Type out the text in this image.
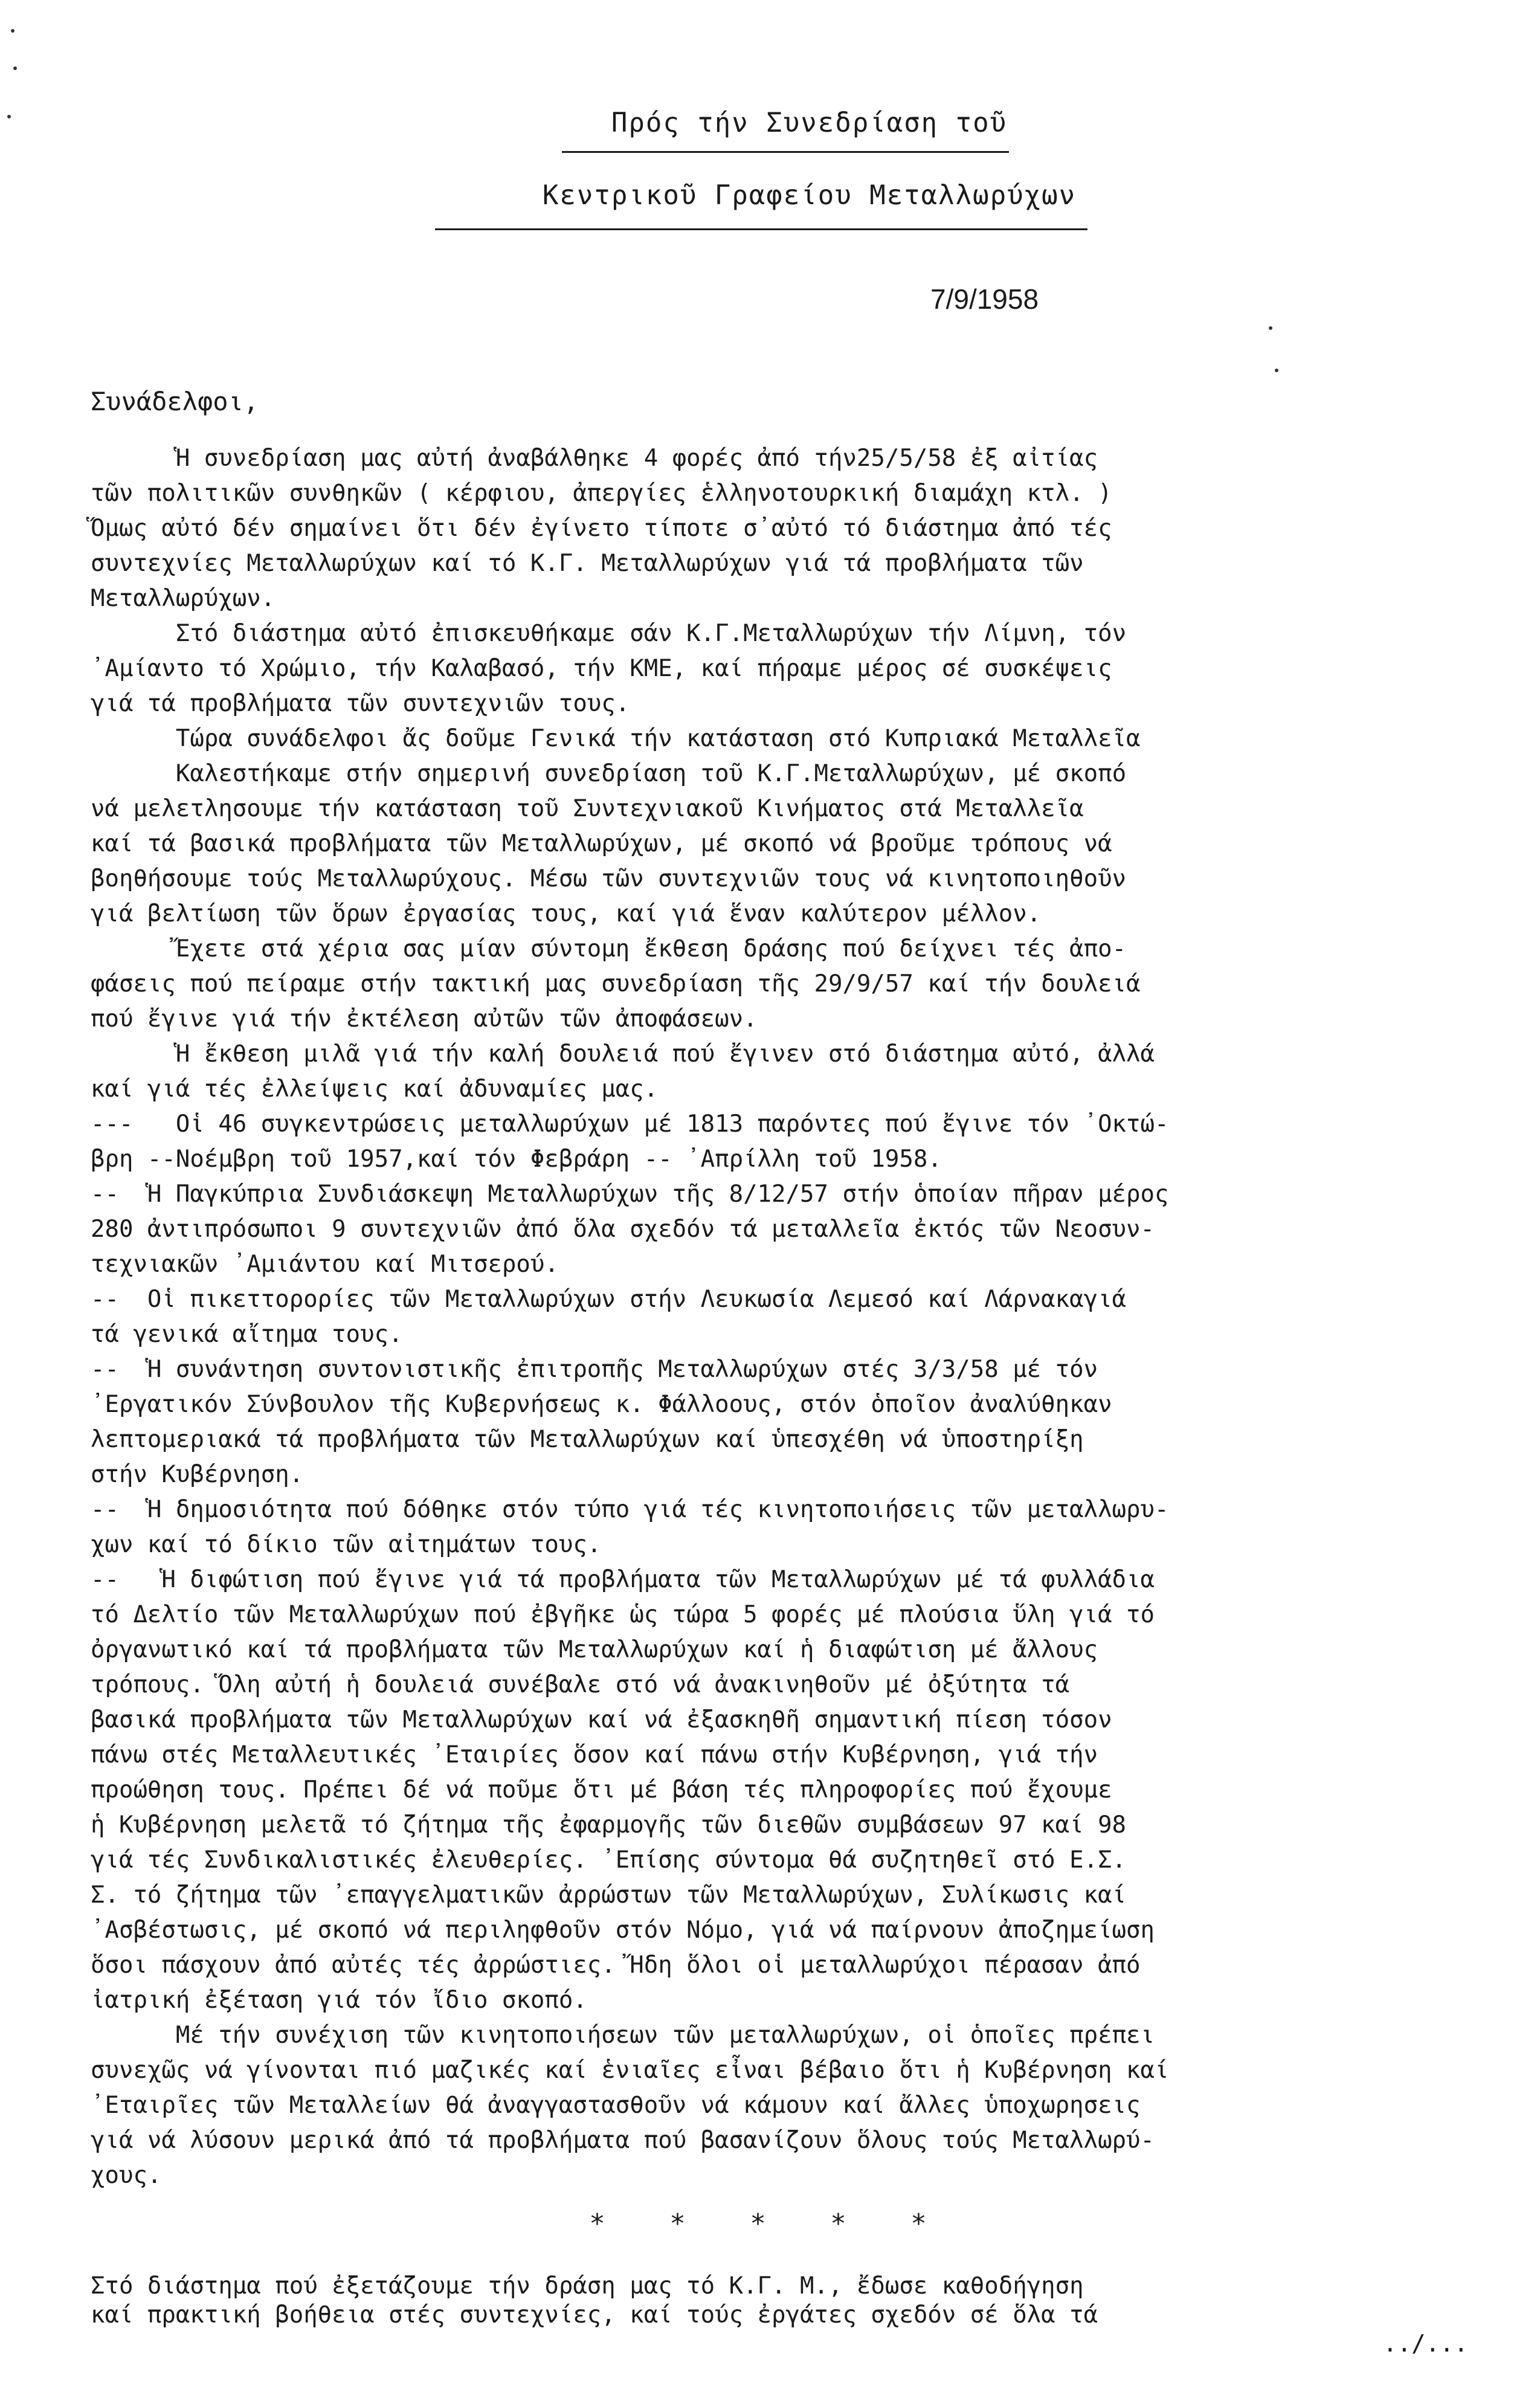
Πρός τήν Συνεδρίαση τοῦ
Κεντρικοῦ Γραφείου Μεταλλωρύχων
7/9/1958
Συνάδελφοι,

Ἡ συνεδρίαση μας αὐτή ἀναβάλθηκε 4 φορές ἀπό τήν25/5/58 ἐξ αἰτίας

τῶν πολιτικῶν συνθηκῶν ( κέρφιου, ἀπεργίες ἑλληνοτουρκική διαμάχη κτλ. )

Ὅμως αὐτό δέν σημαίνει ὅτι δέν ἐγίνετο τίποτε σ᾿αὐτό τό διάστημα ἀπό τές

συντεχνίες Μεταλλωρύχων καί τό Κ.Γ. Μεταλλωρύχων γιά τά προβλήματα τῶν

Μεταλλωρύχων.

Στό διάστημα αὐτό ἐπισκευθήκαμε σάν Κ.Γ.Μεταλλωρύχων τήν Λίμνη, τόν

᾿Αμίαντο τό Χρώμιο, τήν Καλαβασό, τήν ΚΜΕ, καί πήραμε μέρος σέ συσκέψεις

γιά τά προβλήματα τῶν συντεχνιῶν τους.

Τώρα συνάδελφοι ἄς δοῦμε Γενικά τήν κατάσταση στό Κυπριακά Μεταλλεῖα

Καλεστήκαμε στήν σημερινή συνεδρίαση τοῦ Κ.Γ.Μεταλλωρύχων, μέ σκοπό

νά μελετλησουμε τήν κατάσταση τοῦ Συντεχνιακοῦ Κινήματος στά Μεταλλεῖα

καί τά βασικά προβλήματα τῶν Μεταλλωρύχων, μέ σκοπό νά βροῦμε τρόπους νά

βοηθήσουμε τούς Μεταλλωρύχους. Μέσω τῶν συντεχνιῶν τους νά κινητοποιηθοῦν

γιά βελτίωση τῶν ὅρων ἐργασίας τους, καί γιά ἕναν καλύτερον μέλλον.

Ἔχετε στά χέρια σας μίαν σύντομη ἔκθεση δράσης πού δείχνει τές ἀπο-

φάσεις πού πείραμε στήν τακτική μας συνεδρίαση τῆς 29/9/57 καί τήν δουλειά

πού ἔγινε γιά τήν ἐκτέλεση αὐτῶν τῶν ἀποφάσεων.

Ἡ ἔκθεση μιλᾶ γιά τήν καλή δουλειά πού ἔγινεν στό διάστημα αὐτό, ἀλλά

καί γιά τές ἐλλείψεις καί ἀδυναμίες μας.

---   Οἱ 46 συγκεντρώσεις μεταλλωρύχων μέ 1813 παρόντες πού ἔγινε τόν ᾿Οκτώ-

βρη --Νοέμβρη τοῦ 1957,καί τόν Φεβράρη -- ᾿Απρίλλη τοῦ 1958.

--  Ἡ Παγκύπρια Συνδιάσκεψη Μεταλλωρύχων τῆς 8/12/57 στήν ὁποίαν πῆραν μέρος

280 ἀντιπρόσωποι 9 συντεχνιῶν ἀπό ὅλα σχεδόν τά μεταλλεῖα ἐκτός τῶν Νεοσυν-

τεχνιακῶν ᾿Αμιάντου καί Μιτσερού.

--  Οἱ πικεττορορίες τῶν Μεταλλωρύχων στήν Λευκωσία Λεμεσό καί Λάρνακαγιά

τά γενικά αἴτημα τους.

--  Ἡ συνάντηση συντονιστικῆς ἐπιτροπῆς Μεταλλωρύχων στές 3/3/58 μέ τόν

᾿Εργατικόν Σύνβουλον τῆς Κυβερνήσεως κ. Φάλλοους, στόν ὁποῖον ἀναλύθηκαν

λεπτομεριακά τά προβλήματα τῶν Μεταλλωρύχων καί ὑπεσχέθη νά ὑποστηρίξη

στήν Κυβέρνηση.

--  Ἡ δημοσιότητα πού δόθηκε στόν τύπο γιά τές κινητοποιήσεις τῶν μεταλλωρυ-

χων καί τό δίκιο τῶν αἰτημάτων τους.

--   Ἡ διφώτιση πού ἔγινε γιά τά προβλήματα τῶν Μεταλλωρύχων μέ τά φυλλάδια

τό Δελτίο τῶν Μεταλλωρύχων πού ἐβγῆκε ὡς τώρα 5 φορές μέ πλούσια ὕλη γιά τό

ὀργανωτικό καί τά προβλήματα τῶν Μεταλλωρύχων καί ἡ διαφώτιση μέ ἄλλους

τρόπους. Ὅλη αὐτή ἡ δουλειά συνέβαλε στό νά ἀνακινηθοῦν μέ ὀξύτητα τά

βασικά προβλήματα τῶν Μεταλλωρύχων καί νά ἐξασκηθῆ σημαντική πίεση τόσον

πάνω στές Μεταλλευτικές ᾿Εταιρίες ὅσον καί πάνω στήν Κυβέρνηση, γιά τήν

προώθηση τους. Πρέπει δέ νά ποῦμε ὅτι μέ βάση τές πληροφορίες πού ἔχουμε

ἡ Κυβέρνηση μελετᾶ τό ζήτημα τῆς ἐφαρμογῆς τῶν διεθῶν συμβάσεων 97 καί 98

γιά τές Συνδικαλιστικές ἐλευθερίες. ᾿Επίσης σύντομα θά συζητηθεῖ στό Ε.Σ.

Σ. τό ζήτημα τῶν ᾿επαγγελματικῶν ἀρρώστων τῶν Μεταλλωρύχων, Συλίκωσις καί

᾿Ασβέστωσις, μέ σκοπό νά περιληφθοῦν στόν Νόμο, γιά νά παίρνουν ἀποζημείωση

ὅσοι πάσχουν ἀπό αὐτές τές ἀρρώστιες. Ἤδη ὅλοι οἱ μεταλλωρύχοι πέρασαν ἀπό

ἰατρική ἐξέταση γιά τόν ἴδιο σκοπό.

Μέ τήν συνέχιση τῶν κινητοποιήσεων τῶν μεταλλωρύχων, οἱ ὁποῖες πρέπει

συνεχῶς νά γίνονται πιό μαζικές καί ἑνιαῖες εἶναι βέβαιο ὅτι ἡ Κυβέρνηση καί

᾿Εταιρῖες τῶν Μεταλλείων θά ἀναγγαστασθοῦν νά κάμουν καί ἄλλες ὑποχωρησεις

γιά νά λύσουν μερικά ἀπό τά προβλήματα πού βασανίζουν ὅλους τούς Μεταλλωρύ-

χους.

* * * * *

Στό διάστημα πού ἐξετάζουμε τήν δράση μας τό Κ.Γ. Μ., ἔδωσε καθοδήγηση

καί πρακτική βοήθεια στές συντεχνίες, καί τούς ἐργάτες σχεδόν σέ ὅλα τά

../...
